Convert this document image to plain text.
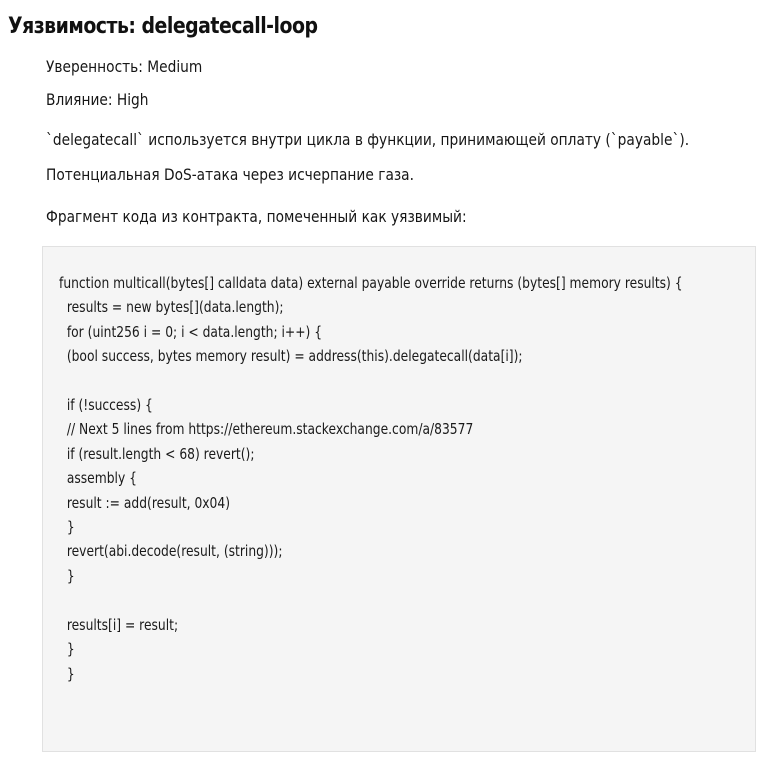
Уязвимость: delegatecall-loop
Уверенность: Medium
Влияние: High
`delegatecall` используется внутри цикла в функции, принимающей оплату (`payable`). Потенциальная DoS-атака через исчерпание газа.
Фрагмент кода из контракта, помеченный как уязвимый:
function multicall(bytes[] calldata data) external payable override returns (bytes[] memory results) {
results = new bytes[](data.length);
for (uint256 i = 0; i < data.length; i++) {
(bool success, bytes memory result) = address(this).delegatecall(data[i]);

if (!success) {
// Next 5 lines from https://ethereum.stackexchange.com/a/83577
if (result.length < 68) revert();
assembly {
result := add(result, 0x04)
}
revert(abi.decode(result, (string)));
}

results[i] = result;
}
}
